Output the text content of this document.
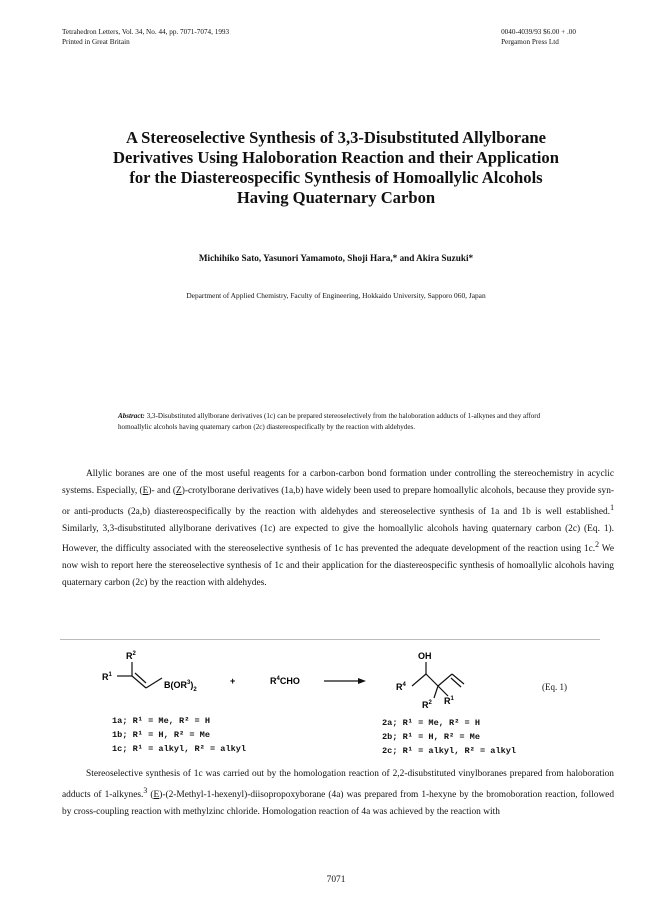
Tetrahedron Letters, Vol. 34, No. 44, pp. 7071-7074, 1993
Printed in Great Britain
0040-4039/93 $6.00 + .00
Pergamon Press Ltd
A Stereoselective Synthesis of 3,3-Disubstituted Allylborane
Derivatives Using Haloboration Reaction and their Application
for the Diastereospecific Synthesis of Homoallylic Alcohols
Having Quaternary Carbon
Michihiko Sato, Yasunori Yamamoto, Shoji Hara,* and Akira Suzuki*
Department of Applied Chemistry, Faculty of Engineering, Hokkaido University, Sapporo 060, Japan
Abstract: 3,3-Disubstituted allylborane derivatives (1c) can be prepared stereoselectively from the haloboration adducts of 1-alkynes and they afford homoallylic alcohols having quaternary carbon (2c) diastereospecifically by the reaction with aldehydes.
Allylic boranes are one of the most useful reagents for a carbon-carbon bond formation under controlling the stereochemistry in acyclic systems. Especially, (E)- and (Z)-crotylborane derivatives (1a,b) have widely been used to prepare homoallylic alcohols, because they provide syn- or anti-products (2a,b) diastereospecifically by the reaction with aldehydes and stereoselective synthesis of 1a and 1b is well established.$^1$ Similarly, 3,3-disubstituted allylborane derivatives (1c) are expected to give the homoallylic alcohols having quaternary carbon (2c) (Eq. 1). However, the difficulty associated with the stereoselective synthesis of 1c has prevented the adequate development of the reaction using 1c.$^2$ We now wish to report here the stereoselective synthesis of 1c and their application for the diastereospecific synthesis of homoallylic alcohols having quaternary carbon (2c) by the reaction with aldehydes.
$R^2$
$R^1$
$B(OR^3)_2$
+	$R^4CHO$
OH
$R^4$
$R^2$ $R^1$
(Eq. 1)
1a; R¹ = Me, R² = H
1b; R¹ = H, R² = Me
1c; R¹ = alkyl, R² = alkyl
2a; R¹ = Me, R² = H
2b; R¹ = H, R² = Me
2c; R¹ = alkyl, R² = alkyl
Stereoselective synthesis of 1c was carried out by the homologation reaction of 2,2-disubstituted vinylboranes prepared from haloboration adducts of 1-alkynes.$^3$ (E)-(2-Methyl-1-hexenyl)-diisopropoxyborane (4a) was prepared from 1-hexyne by the bromoboration reaction, followed by cross-coupling reaction with methylzinc chloride. Homologation reaction of 4a was achieved by the reaction with
7071
